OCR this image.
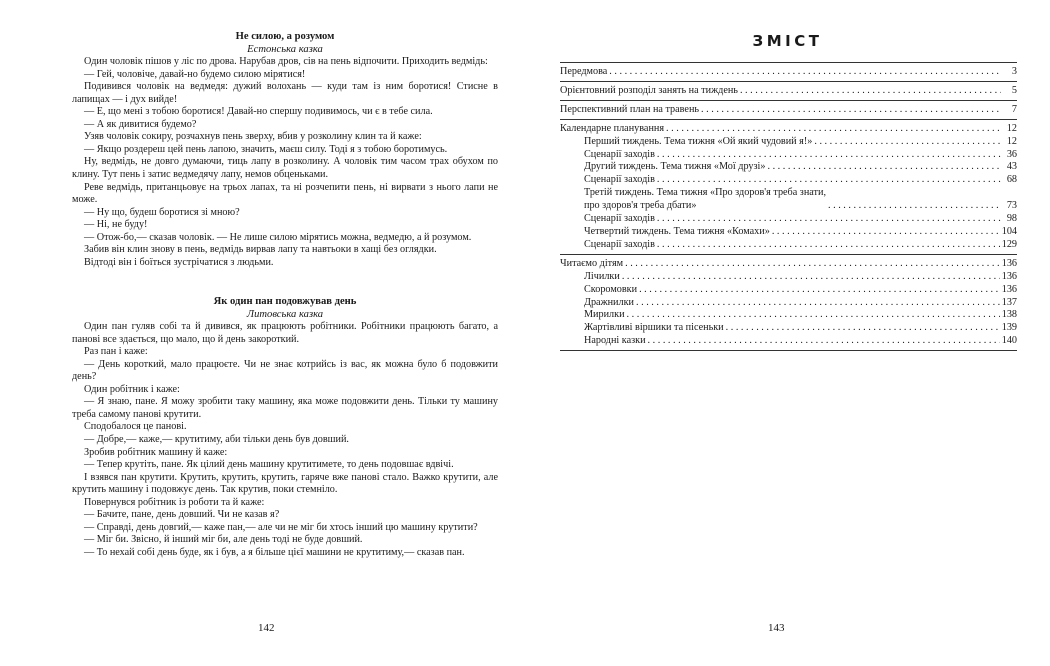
Не силою, а розумом
Естонська казка

Один чоловік пішов у ліс по дрова. Нарубав дров, сів на пень відпочити. Приходить ведмідь:

— Гей, чоловіче, давай-но будемо силою мірятися!

Подивився чоловік на ведмедя: дужий волохань — куди там із ним боротися! Стисне в лапищах — і дух вийде!

— Е, що мені з тобою боротися! Давай-но спершу подивимось, чи є в тебе сила.

— А як дивитися будемо?

Узяв чоловік сокиру, розчахнув пень зверху, вбив у розколину клин та й каже:

— Якщо роздереш цей пень лапою, значить, маєш силу. Тоді я з тобою боротимусь.

Ну, ведмідь, не довго думаючи, тиць лапу в розколину. А чоловік тим часом трах обухом по клину. Тут пень і затис ведмедячу лапу, немов обценьками.

Реве ведмідь, пританцьовує на трьох лапах, та ні розчепити пень, ні вирвати з нього лапи не може.

— Ну що, будеш боротися зі мною?

— Ні, не буду!

— Отож-бо,— сказав чоловік. — Не лише силою мірятись можна, ведмедю, а й розумом.

Забив він клин знову в пень, ведмідь вирвав лапу та навтьоки в хащі без оглядки.

Відтоді він і боїться зустрічатися з людьми.

Як один пан подовжував день
Литовська казка

Один пан гуляв собі та й дивився, як працюють робітники. Робітники працюють багато, а панові все здається, що мало, що й день закороткий.

Раз пан і каже:

— День короткий, мало працюєте. Чи не знає котрийсь із вас, як можна було б подовжити день?

Один робітник і каже:

— Я знаю, пане. Я можу зробити таку машину, яка може подовжити день. Тільки ту машину треба самому панові крутити.

Сподобалося це панові.

— Добре,— каже,— крутитиму, аби тільки день був довший.

Зробив робітник машину й каже:

— Тепер крутіть, пане. Як цілий день машину крутитимете, то день подовшає вдвічі.

І взявся пан крутити. Крутить, крутить, крутить, гаряче вже панові стало. Важко крутити, але крутить машину і подовжує день. Так крутив, поки стемніло.

Повернувся робітник із роботи та й каже:

— Бачите, пане, день довший. Чи не казав я?

— Справді, день довгий,— каже пан,— але чи не міг би хтось інший цю машину крутити?

— Міг би. Звісно, й інший міг би, але день тоді не буде довший.

— То нехай собі день буде, як і був, а я більше цієї машини не крутитиму,— сказав пан.

142
ЗМІСТ
Передмова . . .	3
Орієнтовний розподіл занять на тиждень . . .	5
Перспективний план на травень . . .	7
Календарне планування . . .	12
Перший тиждень. Тема тижня «Ой який чудовий я!» . . .	12
Сценарії заходів . . .	36
Другий тиждень. Тема тижня «Мої друзі» . . .	43
Сценарії заходів . . .	68
Третій тиждень. Тема тижня «Про здоров'я треба знати,
про здоров'я треба дбати» . . .	73
Сценарії заходів . . .	98
Четвертий тиждень. Тема тижня «Комахи» . . .	104
Сценарії заходів . . .	129
Читаємо дітям . . .	136
Лічилки . . .	136
Скоромовки . . .	136
Дражнилки . . .	137
Мирилки . . .	138
Жартівливі віршики та пісеньки . . .	139
Народні казки . . .	140
143
